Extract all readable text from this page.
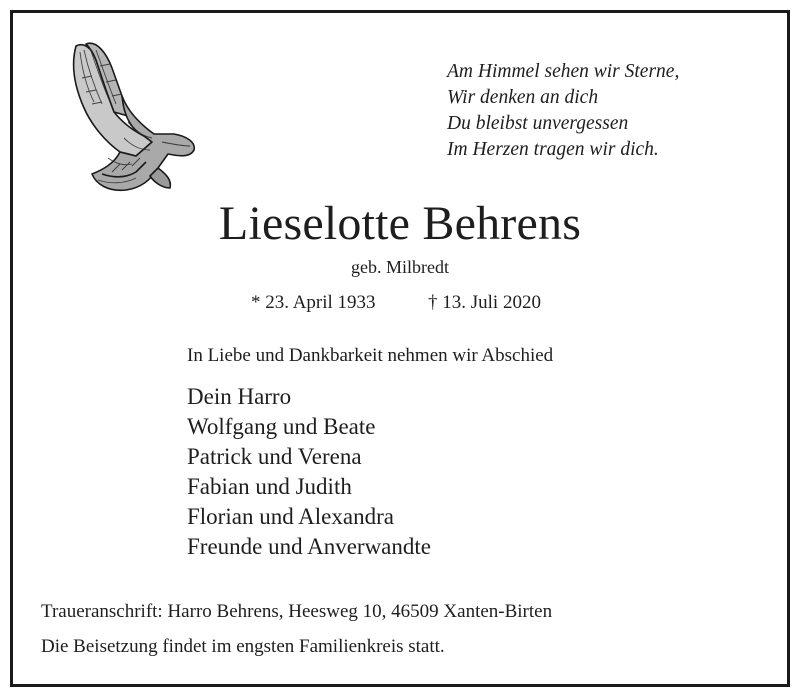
Am Himmel sehen wir Sterne,
Wir denken an dich
Du bleibst unvergessen
Im Herzen tragen wir dich.
Lieselotte Behrens
geb. Milbredt
* 23. April 1933	† 13. Juli 2020
In Liebe und Dankbarkeit nehmen wir Abschied
Dein Harro
Wolfgang und Beate
Patrick und Verena
Fabian und Judith
Florian und Alexandra
Freunde und Anverwandte
Traueranschrift: Harro Behrens, Heesweg 10, 46509 Xanten-Birten
Die Beisetzung findet im engsten Familienkreis statt.
